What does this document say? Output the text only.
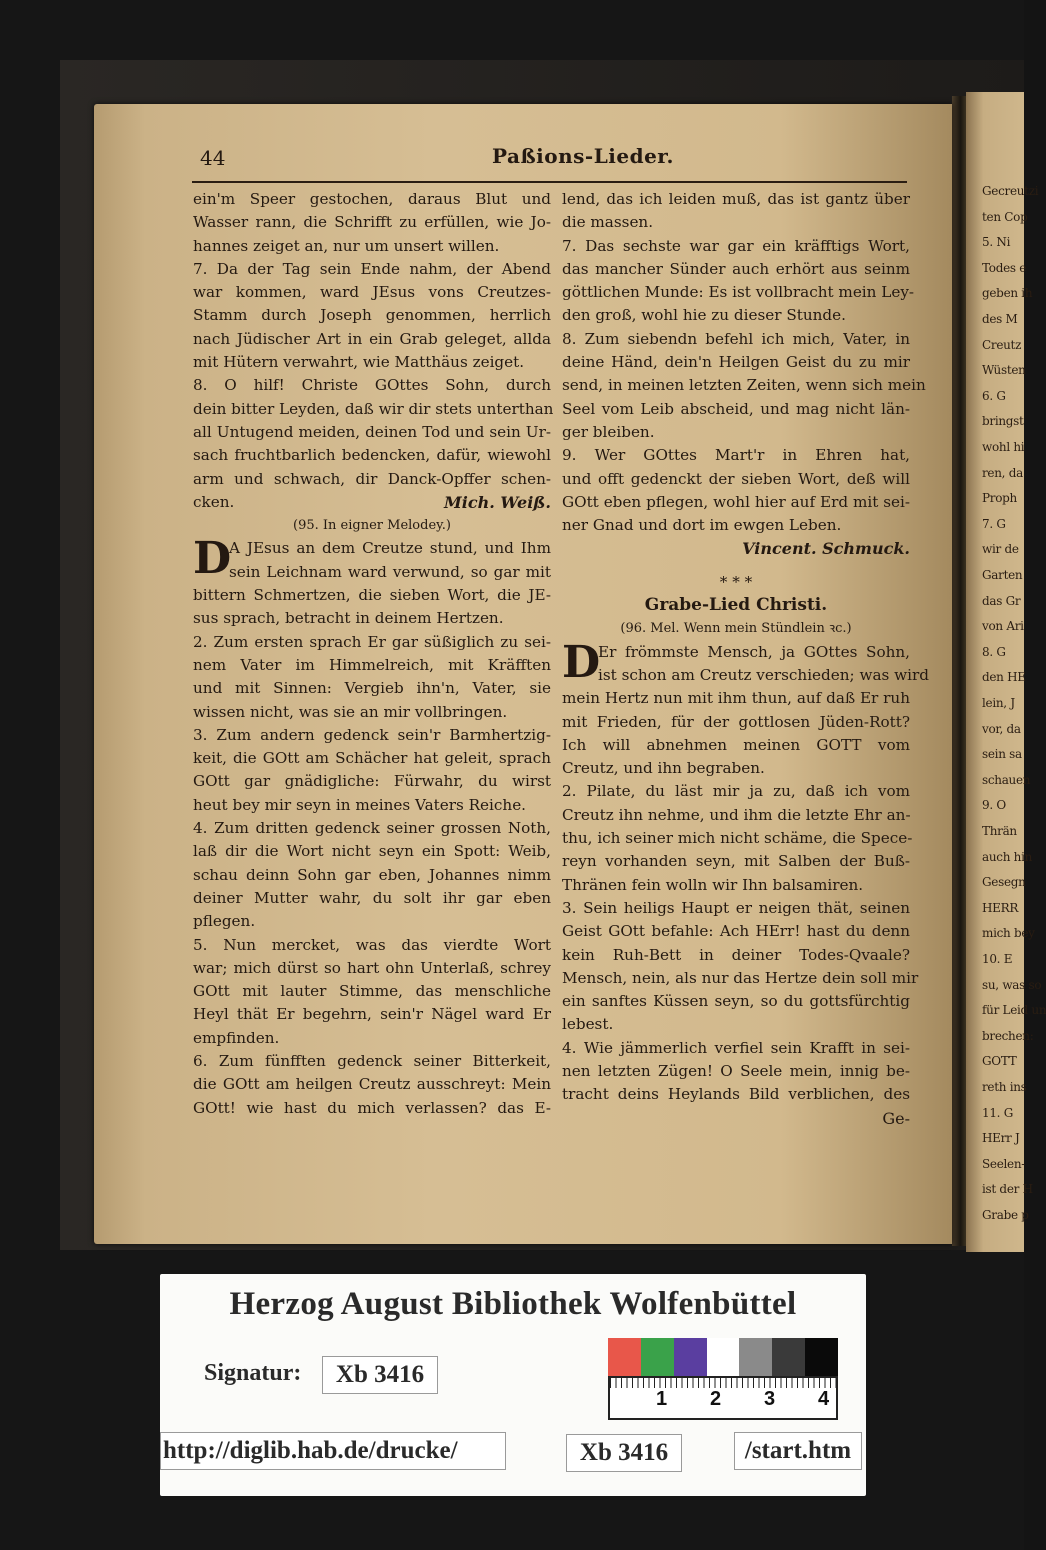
Gecreutzi
ten Cop
5. Ni
Todes e
geben ih
des M
Creutz
Wüsten
6. G
bringst
wohl hi
ren, da
Proph
7. G
wir de
Garten
das Gr
von Ari
8. G
den HE
lein, J
vor, da
sein sa
schauen
9. O
Thrän
auch hin
Gesegn
HERR
mich bey
10. E
su, was so
für Leid un
brechen:
GOTT
reth ins
11. G
HErr J
Seelen-
ist der H
Grabe p
44	Paßions-Lieder.
ein'm Speer gestochen, daraus Blut und
Wasser rann, die Schrifft zu erfüllen, wie Jo-
hannes zeiget an, nur um unsert willen.
7. Da der Tag sein Ende nahm, der Abend
war kommen, ward JEsus vons Creutzes-
Stamm durch Joseph genommen, herrlich
nach Jüdischer Art in ein Grab geleget, allda
mit Hütern verwahrt, wie Matthäus zeiget.
8. O hilf! Christe GOttes Sohn, durch
dein bitter Leyden, daß wir dir stets unterthan
all Untugend meiden, deinen Tod und sein Ur-
sach fruchtbarlich bedencken, dafür, wiewohl
arm und schwach, dir Danck-Opffer schen-
cken.	Mich. Weiß.
(95. In eigner Melodey.)
D
A JEsus an dem Creutze stund, und Ihm
sein Leichnam ward verwund, so gar mit
bittern Schmertzen, die sieben Wort, die JE-
sus sprach, betracht in deinem Hertzen.
2. Zum ersten sprach Er gar süßiglich zu sei-
nem Vater im Himmelreich, mit Kräfften
und mit Sinnen: Vergieb ihn'n, Vater, sie
wissen nicht, was sie an mir vollbringen.
3. Zum andern gedenck sein'r Barmhertzig-
keit, die GOtt am Schächer hat geleit, sprach
GOtt gar gnädigliche: Fürwahr, du wirst
heut bey mir seyn in meines Vaters Reiche.
4. Zum dritten gedenck seiner grossen Noth,
laß dir die Wort nicht seyn ein Spott: Weib,
schau deinn Sohn gar eben, Johannes nimm
deiner Mutter wahr, du solt ihr gar eben
pflegen.
5. Nun mercket, was das vierdte Wort
war; mich dürst so hart ohn Unterlaß, schrey
GOtt mit lauter Stimme, das menschliche
Heyl thät Er begehrn, sein'r Nägel ward Er
empfinden.
6. Zum fünfften gedenck seiner Bitterkeit,
die GOtt am heilgen Creutz ausschreyt: Mein
GOtt! wie hast du mich verlassen? das E-
lend, das ich leiden muß, das ist gantz über
die massen.
7. Das sechste war gar ein kräfftigs Wort,
das mancher Sünder auch erhört aus seinm
göttlichen Munde: Es ist vollbracht mein Ley-
den groß, wohl hie zu dieser Stunde.
8. Zum siebendn befehl ich mich, Vater, in
deine Händ, dein'n Heilgen Geist du zu mir
send, in meinen letzten Zeiten, wenn sich mein
Seel vom Leib abscheid, und mag nicht län-
ger bleiben.
9. Wer GOttes Mart'r in Ehren hat,
und offt gedenckt der sieben Wort, deß will
GOtt eben pflegen, wohl hier auf Erd mit sei-
ner Gnad und dort im ewgen Leben.
Vincent. Schmuck.
* * *
Grabe-Lied Christi.
(96. Mel. Wenn mein Stündlein ꝛc.)
D
Er frömmste Mensch, ja GOttes Sohn,
ist schon am Creutz verschieden; was wird
mein Hertz nun mit ihm thun, auf daß Er ruh
mit Frieden, für der gottlosen Jüden-Rott?
Ich will abnehmen meinen GOTT vom
Creutz, und ihn begraben.
2. Pilate, du läst mir ja zu, daß ich vom
Creutz ihn nehme, und ihm die letzte Ehr an-
thu, ich seiner mich nicht schäme, die Spece-
reyn vorhanden seyn, mit Salben der Buß-
Thränen fein wolln wir Ihn balsamiren.
3. Sein heiligs Haupt er neigen thät, seinen
Geist GOtt befahle: Ach HErr! hast du denn
kein Ruh-Bett in deiner Todes-Qvaale?
Mensch, nein, als nur das Hertze dein soll mir
ein sanftes Küssen seyn, so du gottsfürchtig
lebest.
4. Wie jämmerlich verfiel sein Krafft in sei-
nen letzten Zügen! O Seele mein, innig be-
tracht deins Heylands Bild verblichen, des
Ge-
Herzog August Bibliothek Wolfenbüttel
Signatur:	Xb 3416
1 2 3 4
http://diglib.hab.de/drucke/	Xb 3416	/start.htm
